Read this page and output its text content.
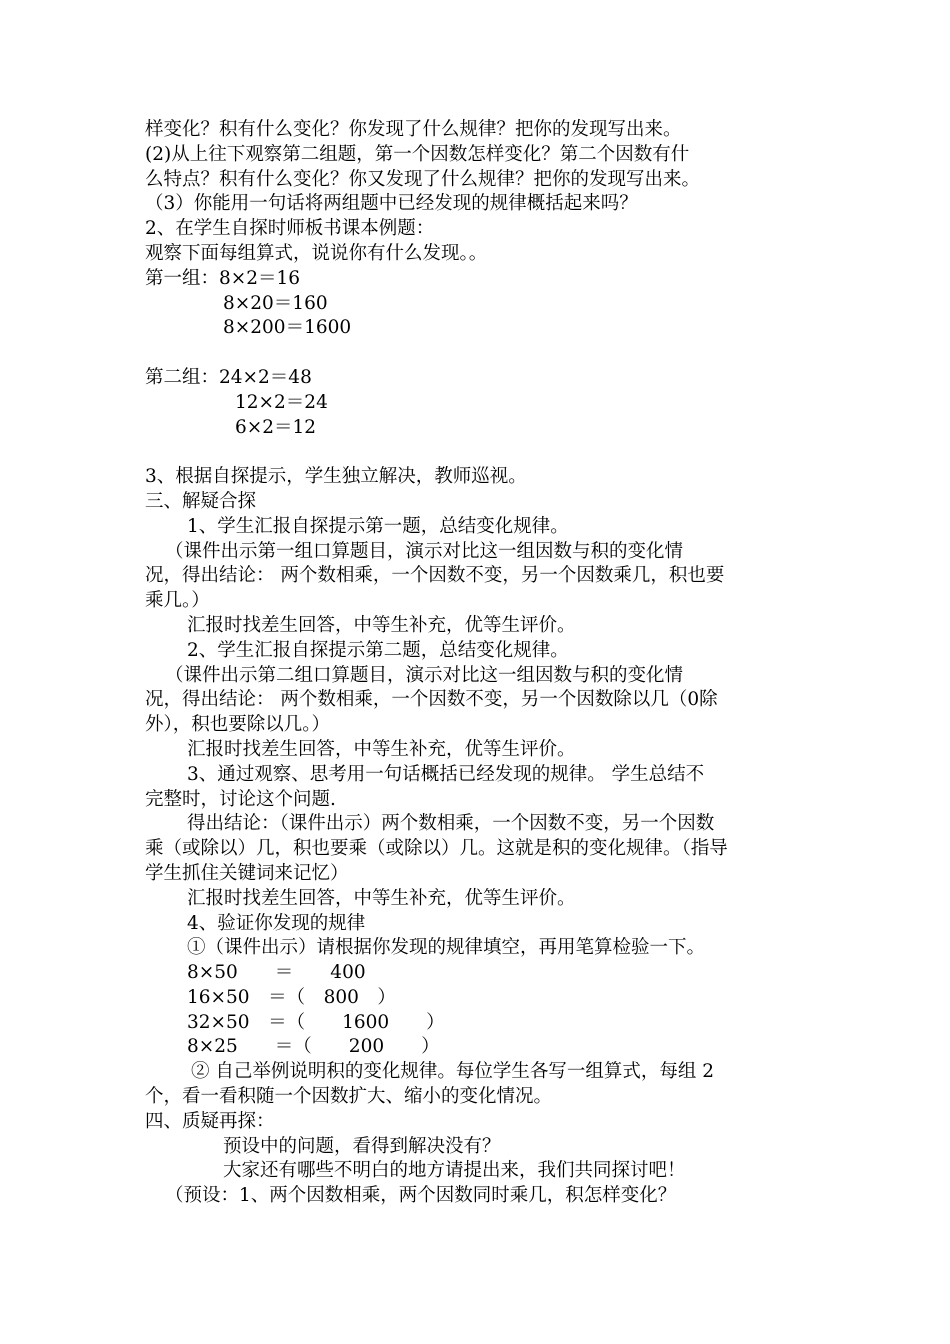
样变化？积有什么变化？你发现了什么规律？把你的发现写出来。
(2)从上往下观察第二组题，第一个因数怎样变化？第二个因数有什
么特点？积有什么变化？你又发现了什么规律？把你的发现写出来。
（3）你能用一句话将两组题中已经发现的规律概括起来吗？
2、在学生自探时师板书课本例题：
观察下面每组算式，说说你有什么发现。。
第一组：8×2＝16
8×20＝160
8×200＝1600
第二组：24×2＝48
12×2＝24
6×2＝12
3、根据自探提示，学生独立解决，教师巡视。
三、解疑合探
1、学生汇报自探提示第一题，总结变化规律。
（课件出示第一组口算题目，演示对比这一组因数与积的变化情
况，得出结论： 两个数相乘，一个因数不变，另一个因数乘几，积也要
乘几。）
汇报时找差生回答，中等生补充，优等生评价。
2、学生汇报自探提示第二题，总结变化规律。
（课件出示第二组口算题目，演示对比这一组因数与积的变化情
况，得出结论： 两个数相乘，一个因数不变，另一个因数除以几（0除
外），积也要除以几。）
汇报时找差生回答，中等生补充，优等生评价。
3、通过观察、思考用一句话概括已经发现的规律。 学生总结不
完整时，讨论这个问题.
得出结论：（课件出示）两个数相乘，一个因数不变，另一个因数
乘（或除以）几，积也要乘（或除以）几。这就是积的变化规律。（指导
学生抓住关键词来记忆）
汇报时找差生回答，中等生补充，优等生评价。
4、验证你发现的规律
①（课件出示）请根据你发现的规律填空，再用笔算检验一下。
8×50　　＝　　400
16×50　＝（　800　）
32×50　＝（　　1600　　）
8×25　　＝（　　200　　）
② 自己举例说明积的变化规律。每位学生各写一组算式，每组 2
个，看一看积随一个因数扩大、缩小的变化情况。
四、质疑再探：
预设中的问题，看得到解决没有？
大家还有哪些不明白的地方请提出来，我们共同探讨吧！
（预设：1、两个因数相乘，两个因数同时乘几，积怎样变化？
